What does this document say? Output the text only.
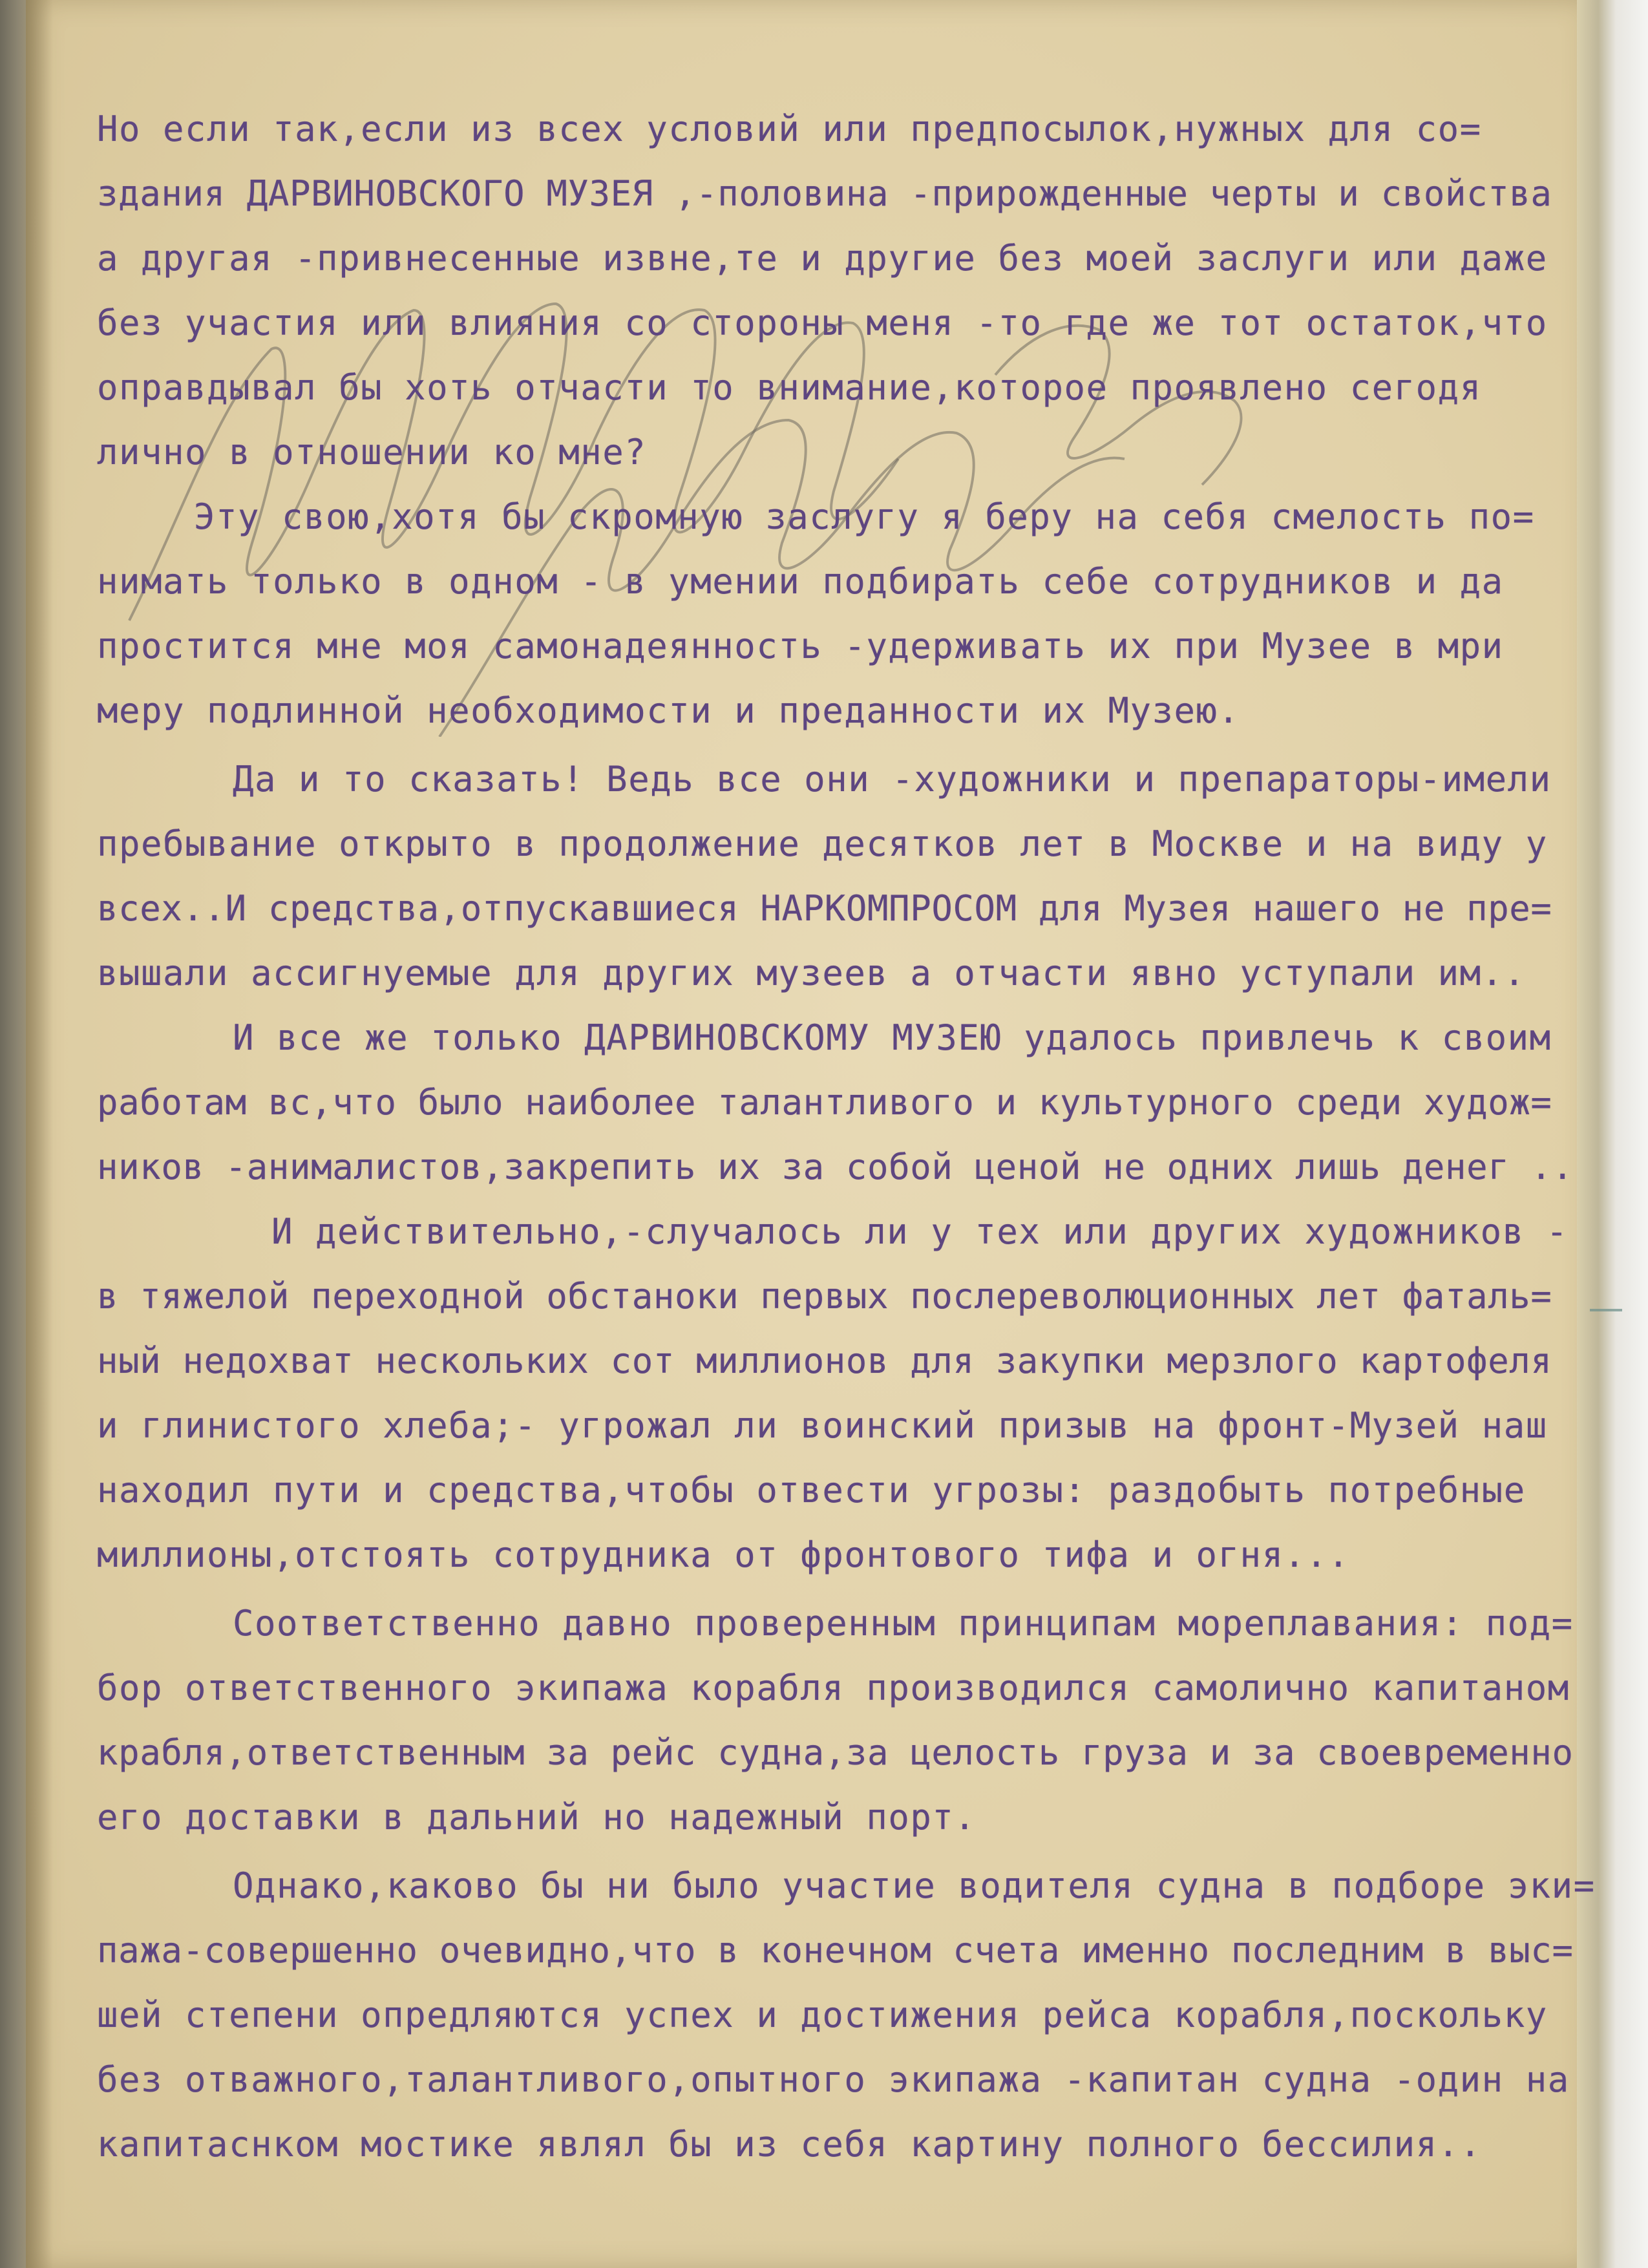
Но если так,если из всех условий или предпосылок,нужных для со=
здания ДАРВИНОВСКОГО МУЗЕЯ ,-половина -прирожденные черты и свойства
а другая -привнесенные извне,те и другие без моей заслуги или даже
без участия или влияния со стороны меня -то где же тот остаток,что
оправдывал бы хоть отчасти то внимание,которое проявлено сегодя
лично в отношении ко мне?
Эту свою,хотя бы скромную заслугу я беру на себя смелость по=
нимать только в одном - в умении подбирать себе сотрудников и да
простится мне моя самонадеянность -удерживать их при Музее в мри
меру подлинной необходимости и преданности их Музею.
Да и то сказать! Ведь все они -художники и препараторы-имели
пребывание открыто в продолжение десятков лет в Москве и на виду у
всех..И средства,отпускавшиеся НАРКОМПРОСОМ для Музея нашего не пре=
вышали ассигнуемые для других музеев а отчасти явно уступали им..
И все же только ДАРВИНОВСКОМУ МУЗЕЮ удалось привлечь к своим
работам вс,что было наиболее талантливого и культурного среди худож=
ников -анималистов,закрепить их за собой ценой не одних лишь денег ..
И действительно,-случалось ли у тех или других художников -
в тяжелой переходной обстаноки первых послереволюционных лет фаталь=
ный недохват нескольких сот миллионов для закупки мерзлого картофеля
и глинистого хлеба;- угрожал ли воинский призыв на фронт-Музей наш
находил пути и средства,чтобы отвести угрозы: раздобыть потребные
миллионы,отстоять сотрудника от фронтового тифа и огня...
Соответственно давно проверенным принципам мореплавания: под=
бор ответственного экипажа корабля производился самолично капитаном
крабля,ответственным за рейс судна,за целость груза и за своевременно
его доставки в дальний но надежный порт.
Однако,каково бы ни было участие водителя судна в подборе эки=
пажа-совершенно очевидно,что в конечном счета именно последним в выс=
шей степени опредляются успех и достижения рейса корабля,поскольку
без отважного,талантливого,опытного экипажа -капитан судна -один на
капитаснком мостике являл бы из себя картину полного бессилия..
